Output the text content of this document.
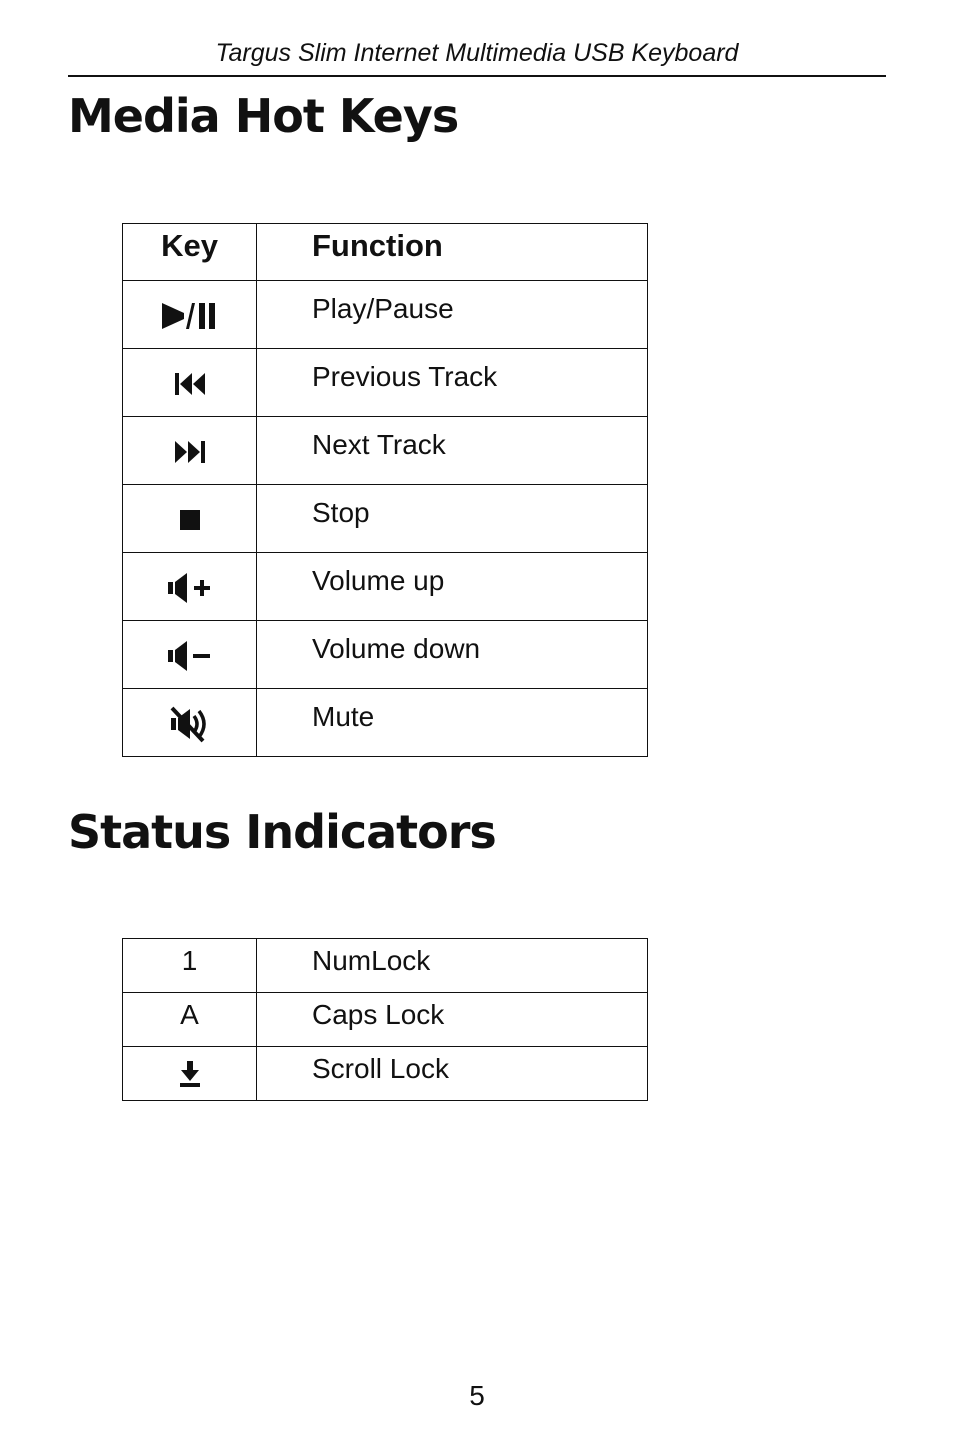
Targus Slim Internet Multimedia USB Keyboard
Media Hot Keys
Key	Function
	Play/Pause
	Previous Track
	Next Track
	Stop
	Volume up
	Volume down
	Mute
Status Indicators
1	NumLock
A	Caps Lock
	Scroll Lock
5
